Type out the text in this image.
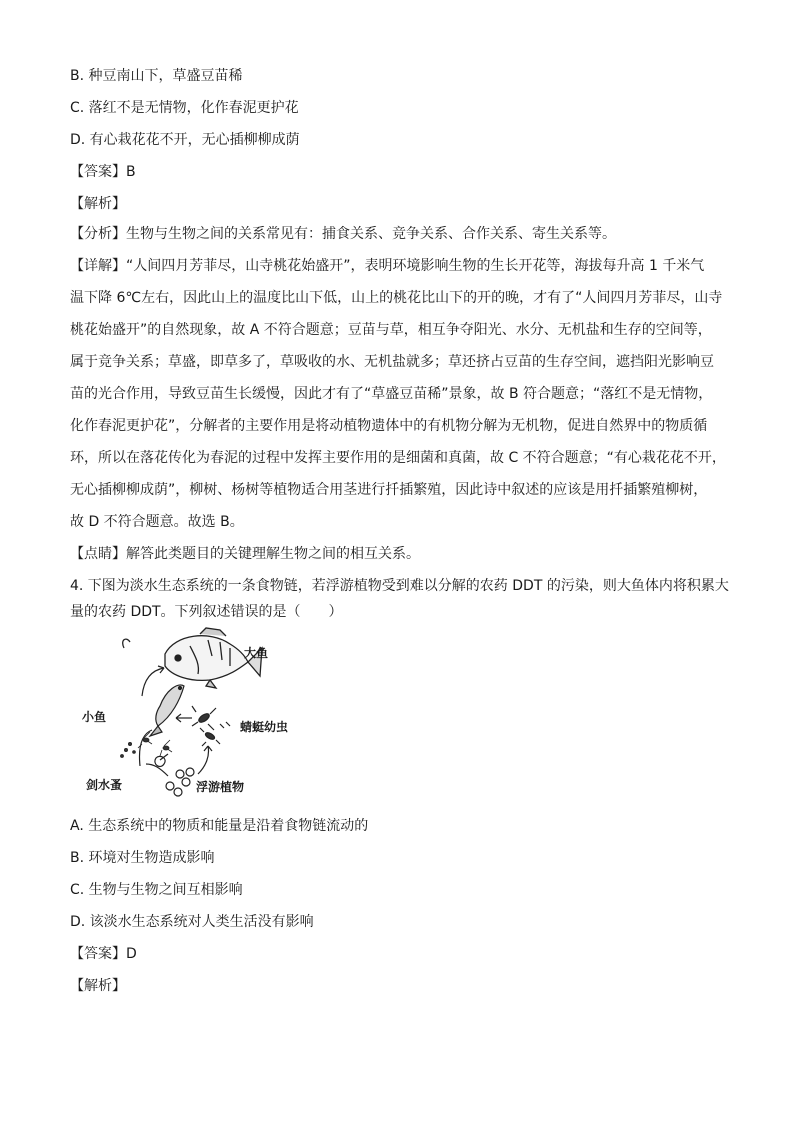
B. 种豆南山下，草盛豆苗稀
C. 落红不是无情物，化作春泥更护花
D. 有心栽花花不开，无心插柳柳成荫
【答案】B
【解析】
【分析】生物与生物之间的关系常见有：捕食关系、竞争关系、合作关系、寄生关系等。
【详解】“人间四月芳菲尽，山寺桃花始盛开”，表明环境影响生物的生长开花等，海拔每升高 1 千米气
温下降 6℃左右，因此山上的温度比山下低，山上的桃花比山下的开的晚，才有了“人间四月芳菲尽，山寺
桃花始盛开”的自然现象，故 A 不符合题意；豆苗与草，相互争夺阳光、水分、无机盐和生存的空间等，
属于竞争关系；草盛，即草多了，草吸收的水、无机盐就多；草还挤占豆苗的生存空间，遮挡阳光影响豆
苗的光合作用，导致豆苗生长缓慢，因此才有了“草盛豆苗稀”景象，故 B 符合题意；“落红不是无情物，
化作春泥更护花”，分解者的主要作用是将动植物遗体中的有机物分解为无机物，促进自然界中的物质循
环，所以在落花传化为春泥的过程中发挥主要作用的是细菌和真菌，故 C 不符合题意；“有心栽花花不开，
无心插柳柳成荫”，柳树、杨树等植物适合用茎进行扦插繁殖，因此诗中叙述的应该是用扦插繁殖柳树，
故 D 不符合题意。故选 B。
【点睛】解答此类题目的关键理解生物之间的相互关系。
4. 下图为淡水生态系统的一条食物链，若浮游植物受到难以分解的农药 DDT 的污染，则大鱼体内将积累大
量的农药 DDT。下列叙述错误的是（　　）
大鱼
小鱼
蜻蜓幼虫
剑水蚤	浮游植物
A. 生态系统中的物质和能量是沿着食物链流动的
B. 环境对生物造成影响
C. 生物与生物之间互相影响
D. 该淡水生态系统对人类生活没有影响
【答案】D
【解析】
